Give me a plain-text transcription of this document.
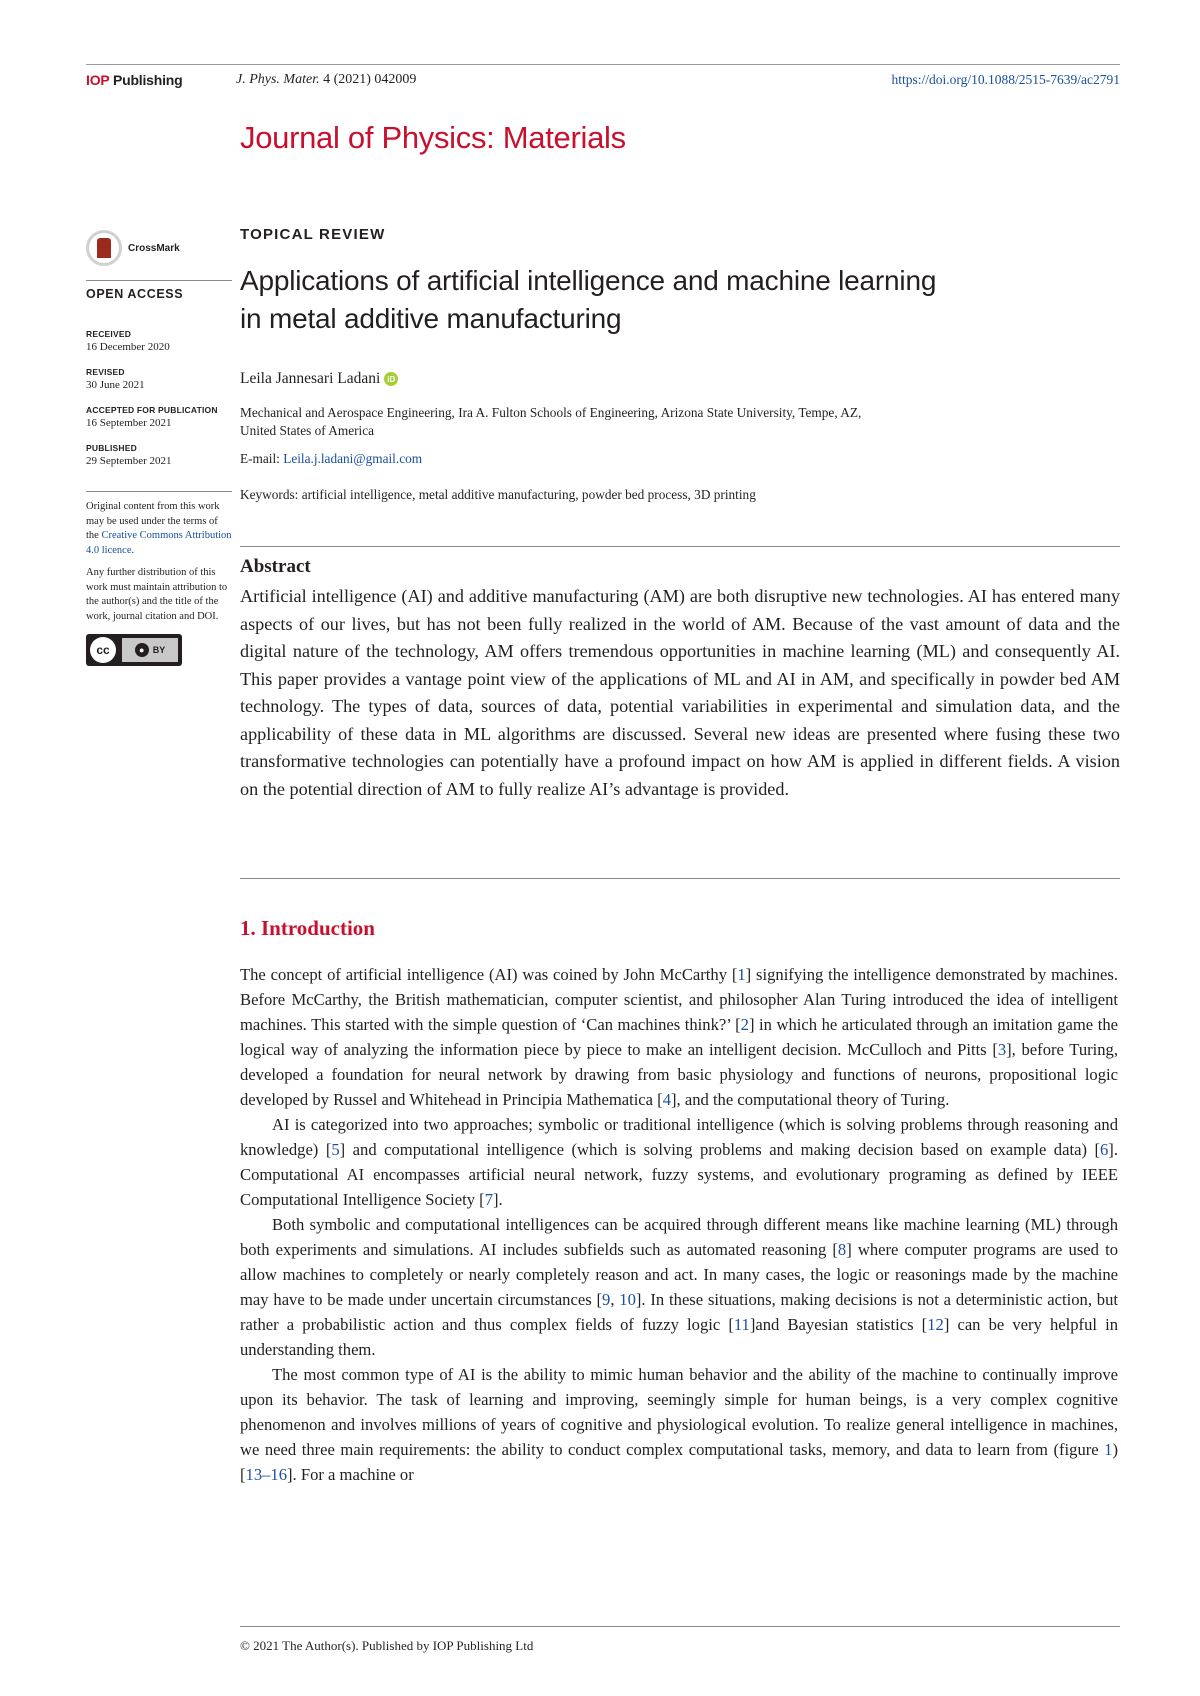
IOP Publishing	J. Phys. Mater. 4 (2021) 042009	https://doi.org/10.1088/2515-7639/ac2791
Journal of Physics: Materials
CrossMark
OPEN ACCESS
RECEIVED
16 December 2020
REVISED
30 June 2021
ACCEPTED FOR PUBLICATION
16 September 2021
PUBLISHED
29 September 2021
Original content from this work may be used under the terms of the Creative Commons Attribution 4.0 licence.
Any further distribution of this work must maintain attribution to the author(s) and the title of the work, journal citation and DOI.
cc	● BY
TOPICAL REVIEW
Applications of artificial intelligence and machine learning
in metal additive manufacturing
Leila Jannesari Ladani iD
Mechanical and Aerospace Engineering, Ira A. Fulton Schools of Engineering, Arizona State University, Tempe, AZ,
United States of America
E-mail: Leila.j.ladani@gmail.com
Keywords: artificial intelligence, metal additive manufacturing, powder bed process, 3D printing
Abstract
Artificial intelligence (AI) and additive manufacturing (AM) are both disruptive new technologies. AI has entered many aspects of our lives, but has not been fully realized in the world of AM. Because of the vast amount of data and the digital nature of the technology, AM offers tremendous opportunities in machine learning (ML) and consequently AI. This paper provides a vantage point view of the applications of ML and AI in AM, and specifically in powder bed AM technology. The types of data, sources of data, potential variabilities in experimental and simulation data, and the applicability of these data in ML algorithms are discussed. Several new ideas are presented where fusing these two transformative technologies can potentially have a profound impact on how AM is applied in different fields. A vision on the potential direction of AM to fully realize AI’s advantage is provided.
1. Introduction

The concept of artificial intelligence (AI) was coined by John McCarthy [1] signifying the intelligence demonstrated by machines. Before McCarthy, the British mathematician, computer scientist, and philosopher Alan Turing introduced the idea of intelligent machines. This started with the simple question of ‘Can machines think?’ [2] in which he articulated through an imitation game the logical way of analyzing the information piece by piece to make an intelligent decision. McCulloch and Pitts [3], before Turing, developed a foundation for neural network by drawing from basic physiology and functions of neurons, propositional logic developed by Russel and Whitehead in Principia Mathematica [4], and the computational theory of Turing.

AI is categorized into two approaches; symbolic or traditional intelligence (which is solving problems through reasoning and knowledge) [5] and computational intelligence (which is solving problems and making decision based on example data) [6]. Computational AI encompasses artificial neural network, fuzzy systems, and evolutionary programing as defined by IEEE Computational Intelligence Society [7].

Both symbolic and computational intelligences can be acquired through different means like machine learning (ML) through both experiments and simulations. AI includes subfields such as automated reasoning [8] where computer programs are used to allow machines to completely or nearly completely reason and act. In many cases, the logic or reasonings made by the machine may have to be made under uncertain circumstances [9, 10]. In these situations, making decisions is not a deterministic action, but rather a probabilistic action and thus complex fields of fuzzy logic [11]and Bayesian statistics [12] can be very helpful in understanding them.

The most common type of AI is the ability to mimic human behavior and the ability of the machine to continually improve upon its behavior. The task of learning and improving, seemingly simple for human beings, is a very complex cognitive phenomenon and involves millions of years of cognitive and physiological evolution. To realize general intelligence in machines, we need three main requirements: the ability to conduct complex computational tasks, memory, and data to learn from (figure 1) [13–16]. For a machine or

© 2021 The Author(s). Published by IOP Publishing Ltd
